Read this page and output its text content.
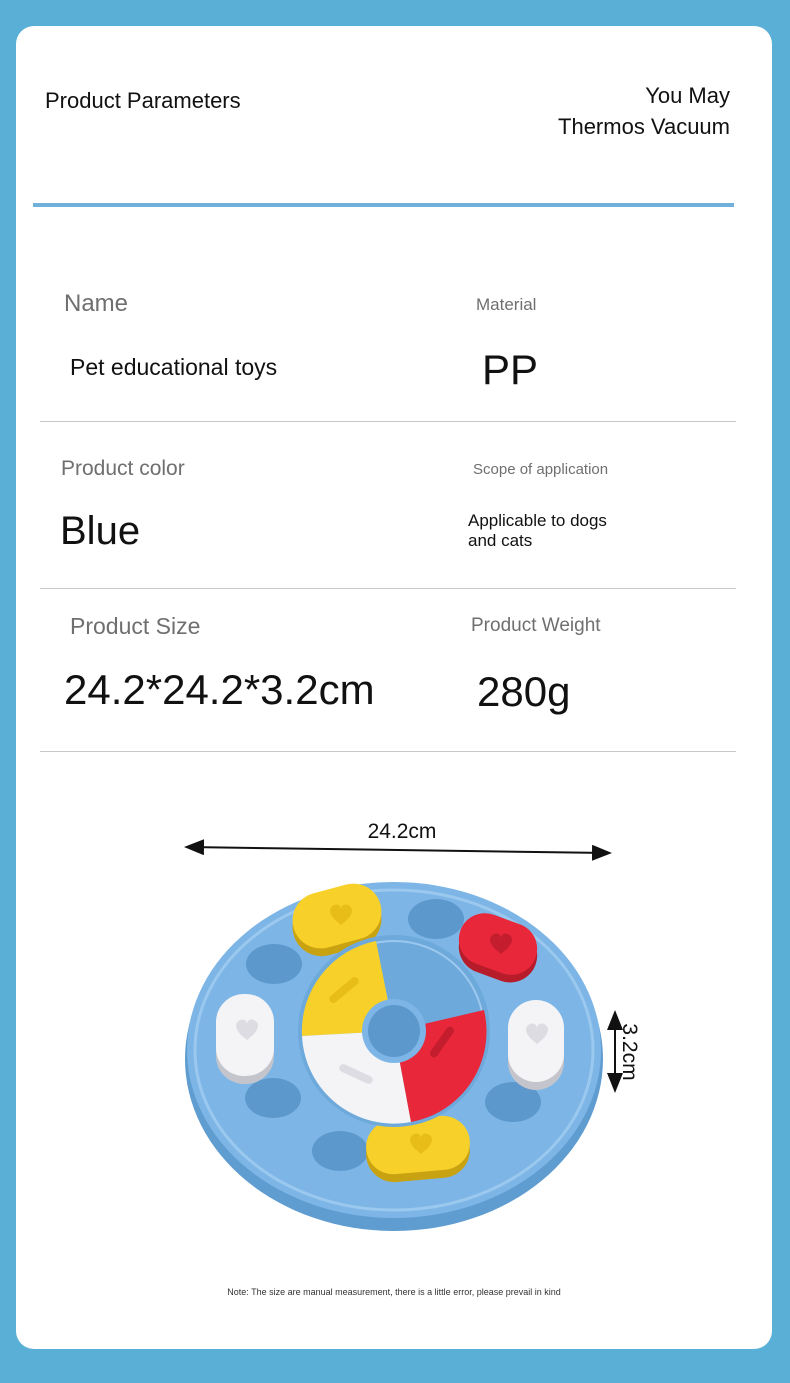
Product Parameters	You May
Thermos Vacuum

Name

Pet educational toys

Material

PP

Product color

Blue

Scope of application

Applicable to dogs
and cats

Product Size

24.2*24.2*3.2cm

Product Weight

280g

24.2cm
3.2cm

Note: The size are manual measurement, there is a little error, please prevail in kind
